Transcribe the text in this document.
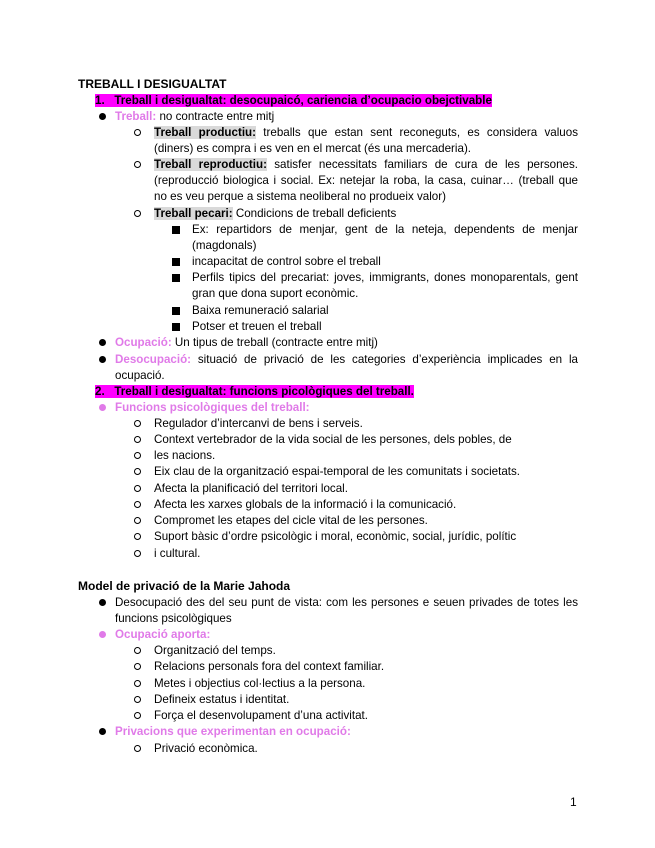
TREBALL I DESIGUALTAT
1. Treball i desigualtat: desocupaicó, cariencia d’ocupacio obejctivable
Treball: no contracte entre mitj
Treball productiu: treballs que estan sent reconeguts, es considera valuos
(diners) es compra i es ven en el mercat (és una mercaderia).
Treball reproductiu: satisfer necessitats familiars de cura de les persones.
(reproducció biologica i social. Ex: netejar la roba, la casa, cuinar… (treball que
no es veu perque a sistema neoliberal no produeix valor)
Treball pecari: Condicions de treball deficients
Ex: repartidors de menjar, gent de la neteja, dependents de menjar
(magdonals)
incapacitat de control sobre el treball
Perfils tipics del precariat: joves, immigrants, dones monoparentals, gent
gran que dona suport econòmic.
Baixa remuneració salarial
Potser et treuen el treball
Ocupació: Un tipus de treball (contracte entre mitj)
Desocupació: situació de privació de les categories d’experiència implicades en la
ocupació.
2. Treball i desigualtat: funcions picològiques del treball.
Funcions psicològiques del treball:
Regulador d’intercanvi de bens i serveis.
Context vertebrador de la vida social de les persones, dels pobles, de
les nacions.
Eix clau de la organització espai-temporal de les comunitats i societats.
Afecta la planificació del territori local.
Afecta les xarxes globals de la informació i la comunicació.
Compromet les etapes del cicle vital de les persones.
Suport bàsic d’ordre psicològic i moral, econòmic, social, jurídic, polític
i cultural.
Model de privació de la Marie Jahoda
Desocupació des del seu punt de vista: com les persones e seuen privades de totes les
funcions psicològiques
Ocupació aporta:
Organització del temps.
Relacions personals fora del context familiar.
Metes i objectius col·lectius a la persona.
Defineix estatus i identitat.
Força el desenvolupament d’una activitat.
Privacions que experimentan en ocupació:
Privació econòmica.
1
